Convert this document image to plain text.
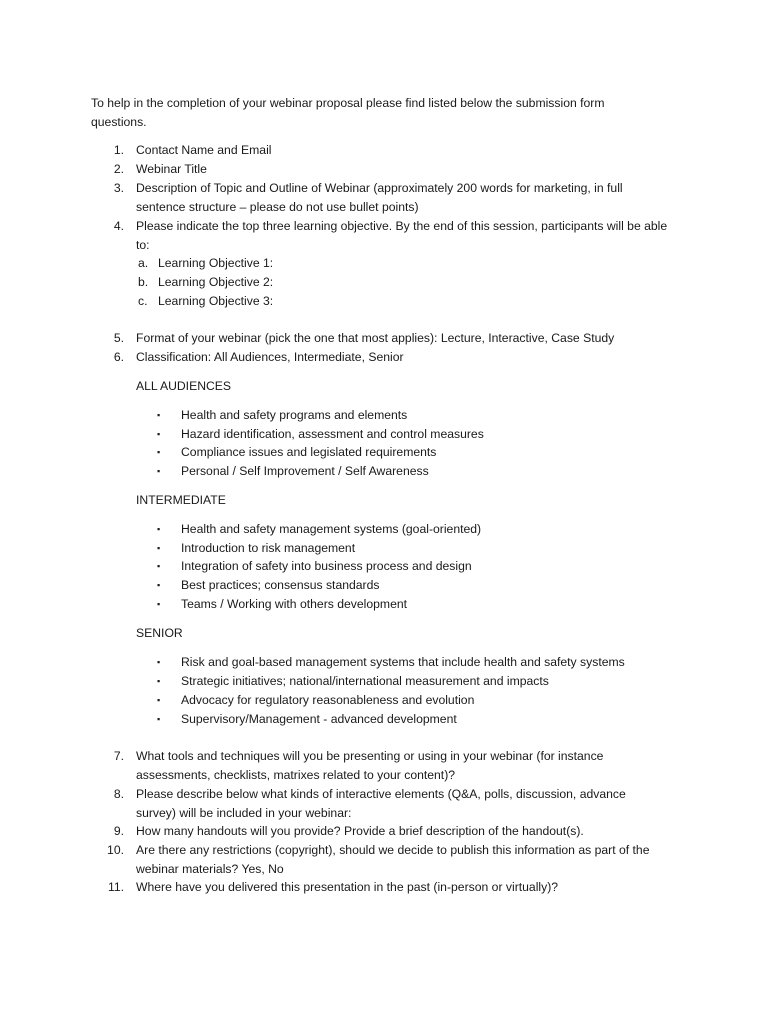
To help in the completion of your webinar proposal please find listed below the submission form questions.

1. Contact Name and Email
2. Webinar Title
3. Description of Topic and Outline of Webinar (approximately 200 words for marketing, in full sentence structure – please do not use bullet points)
4. Please indicate the top three learning objective. By the end of this session, participants will be able to:
a. Learning Objective 1:
b. Learning Objective 2:
c. Learning Objective 3:
5. Format of your webinar (pick the one that most applies): Lecture, Interactive, Case Study
6. Classification: All Audiences, Intermediate, Senior
ALL AUDIENCES
▪	Health and safety programs and elements
▪	Hazard identification, assessment and control measures
▪	Compliance issues and legislated requirements
▪	Personal / Self Improvement / Self Awareness
INTERMEDIATE
▪	Health and safety management systems (goal-oriented)
▪	Introduction to risk management
▪	Integration of safety into business process and design
▪	Best practices; consensus standards
▪	Teams / Working with others development
SENIOR
▪	Risk and goal-based management systems that include health and safety systems
▪	Strategic initiatives; national/international measurement and impacts
▪	Advocacy for regulatory reasonableness and evolution
▪	Supervisory/Management - advanced development
7. What tools and techniques will you be presenting or using in your webinar (for instance assessments, checklists, matrixes related to your content)?
8. Please describe below what kinds of interactive elements (Q&A, polls, discussion, advance survey) will be included in your webinar:
9. How many handouts will you provide? Provide a brief description of the handout(s).
10. Are there any restrictions (copyright), should we decide to publish this information as part of the webinar materials? Yes, No
11. Where have you delivered this presentation in the past (in-person or virtually)?
